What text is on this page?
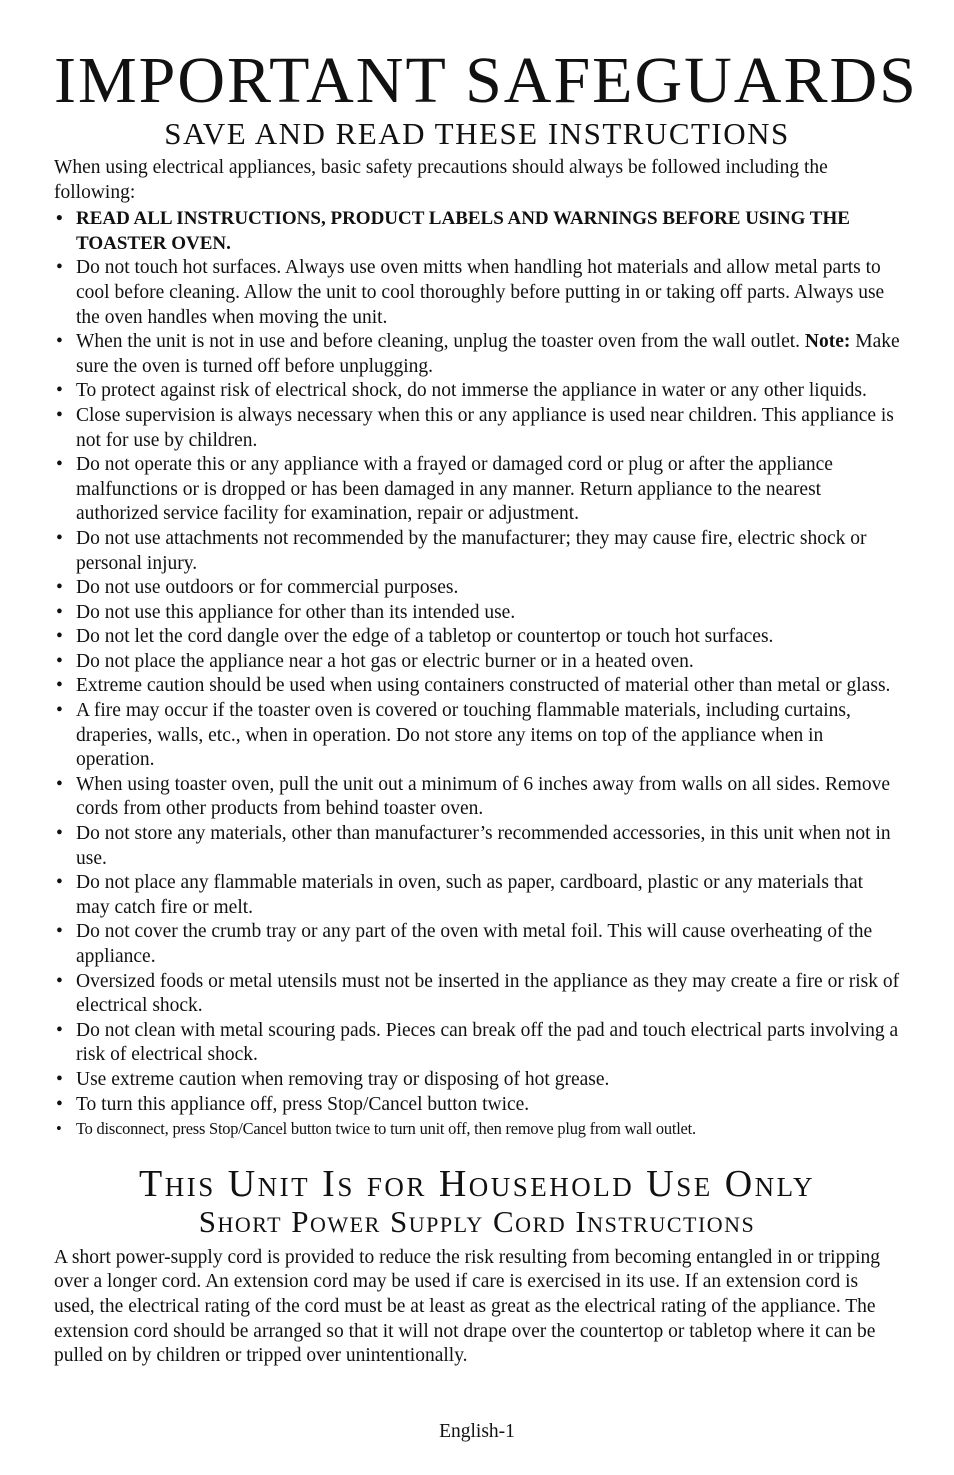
IMPORTANT SAFEGUARDS
SAVE AND READ THESE INSTRUCTIONS

When using electrical appliances, basic safety precautions should always be followed including the following:

• READ ALL INSTRUCTIONS, PRODUCT LABELS AND WARNINGS BEFORE USING THE TOASTER OVEN.
• Do not touch hot surfaces. Always use oven mitts when handling hot materials and allow metal parts to cool before cleaning. Allow the unit to cool thoroughly before putting in or taking off parts. Always use the oven handles when moving the unit.
• When the unit is not in use and before cleaning, unplug the toaster oven from the wall outlet. Note: Make sure the oven is turned off before unplugging.
• To protect against risk of electrical shock, do not immerse the appliance in water or any other liquids.
• Close supervision is always necessary when this or any appliance is used near children. This appliance is not for use by children.
• Do not operate this or any appliance with a frayed or damaged cord or plug or after the appliance malfunctions or is dropped or has been damaged in any manner. Return appliance to the nearest authorized service facility for examination, repair or adjustment.
• Do not use attachments not recommended by the manufacturer; they may cause fire, electric shock or personal injury.
• Do not use outdoors or for commercial purposes.
• Do not use this appliance for other than its intended use.
• Do not let the cord dangle over the edge of a tabletop or countertop or touch hot surfaces.
• Do not place the appliance near a hot gas or electric burner or in a heated oven.
• Extreme caution should be used when using containers constructed of material other than metal or glass.
• A fire may occur if the toaster oven is covered or touching flammable materials, including curtains, draperies, walls, etc., when in operation. Do not store any items on top of the appliance when in operation.
• When using toaster oven, pull the unit out a minimum of 6 inches away from walls on all sides. Remove cords from other products from behind toaster oven.
• Do not store any materials, other than manufacturer’s recommended accessories, in this unit when not in use.
• Do not place any flammable materials in oven, such as paper, cardboard, plastic or any materials that may catch fire or melt.
• Do not cover the crumb tray or any part of the oven with metal foil. This will cause overheating of the appliance.
• Oversized foods or metal utensils must not be inserted in the appliance as they may create a fire or risk of electrical shock.
• Do not clean with metal scouring pads. Pieces can break off the pad and touch electrical parts involving a risk of electrical shock.
• Use extreme caution when removing tray or disposing of hot grease.
• To turn this appliance off, press Stop/Cancel button twice.
• To disconnect, press Stop/Cancel button twice to turn unit off, then remove plug from wall outlet.
This Unit Is for Household Use Only
Short Power Supply Cord Instructions

A short power-supply cord is provided to reduce the risk resulting from becoming entangled in or tripping over a longer cord. An extension cord may be used if care is exercised in its use. If an extension cord is used, the electrical rating of the cord must be at least as great as the electrical rating of the appliance. The extension cord should be arranged so that it will not drape over the countertop or tabletop where it can be pulled on by children or tripped over unintentionally.

English-1
